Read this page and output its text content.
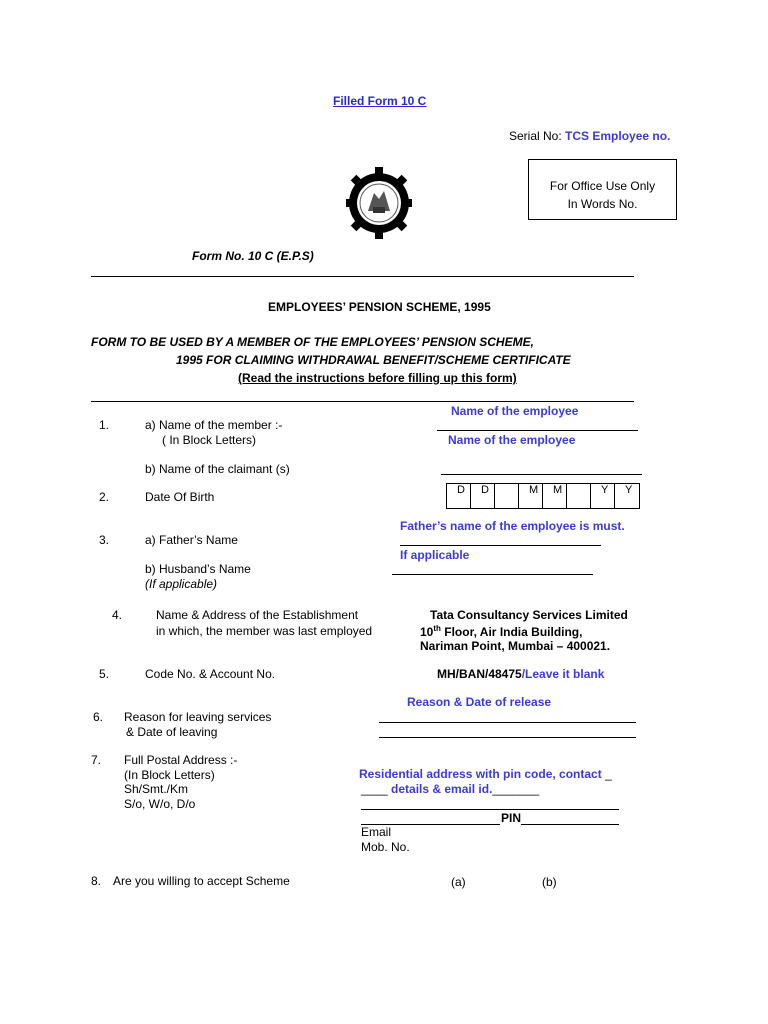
Filled Form 10 C
Serial No: TCS Employee no.
For Office Use Only
In Words No.
Form No. 10 C (E.P.S)
EMPLOYEES’ PENSION SCHEME, 1995
FORM TO BE USED BY A MEMBER OF THE EMPLOYEES’ PENSION SCHEME,
1995 FOR CLAIMING WITHDRAWAL BENEFIT/SCHEME CERTIFICATE
(Read the instructions before filling up this form)
Name of the employee
1.	a) Name of the member :-
( In Block Letters)	Name of the employee
b) Name of the claimant (s)
2.	Date Of Birth	D	D	M	M	Y	Y
Father’s name of the employee is must.
3.	a) Father’s Name
If applicable
b) Husband’s Name
(If applicable)
4.	Name & Address of the Establishment
in which, the member was last employed
Tata Consultancy Services Limited
10th Floor, Air India Building,
Nariman Point, Mumbai – 400021.
5.	Code No. & Account No.	MH/BAN/48475/Leave it blank
Reason & Date of release
6. Reason for leaving services
& Date of leaving
7. Full Postal Address :-
(In Block Letters)
Sh/Smt./Km
S/o, W/o, D/o
Residential address with pin code, contact _
____ details & email id._______
PIN
Email
Mob. No.
8. Are you willing to accept Scheme	(a)	(b)
